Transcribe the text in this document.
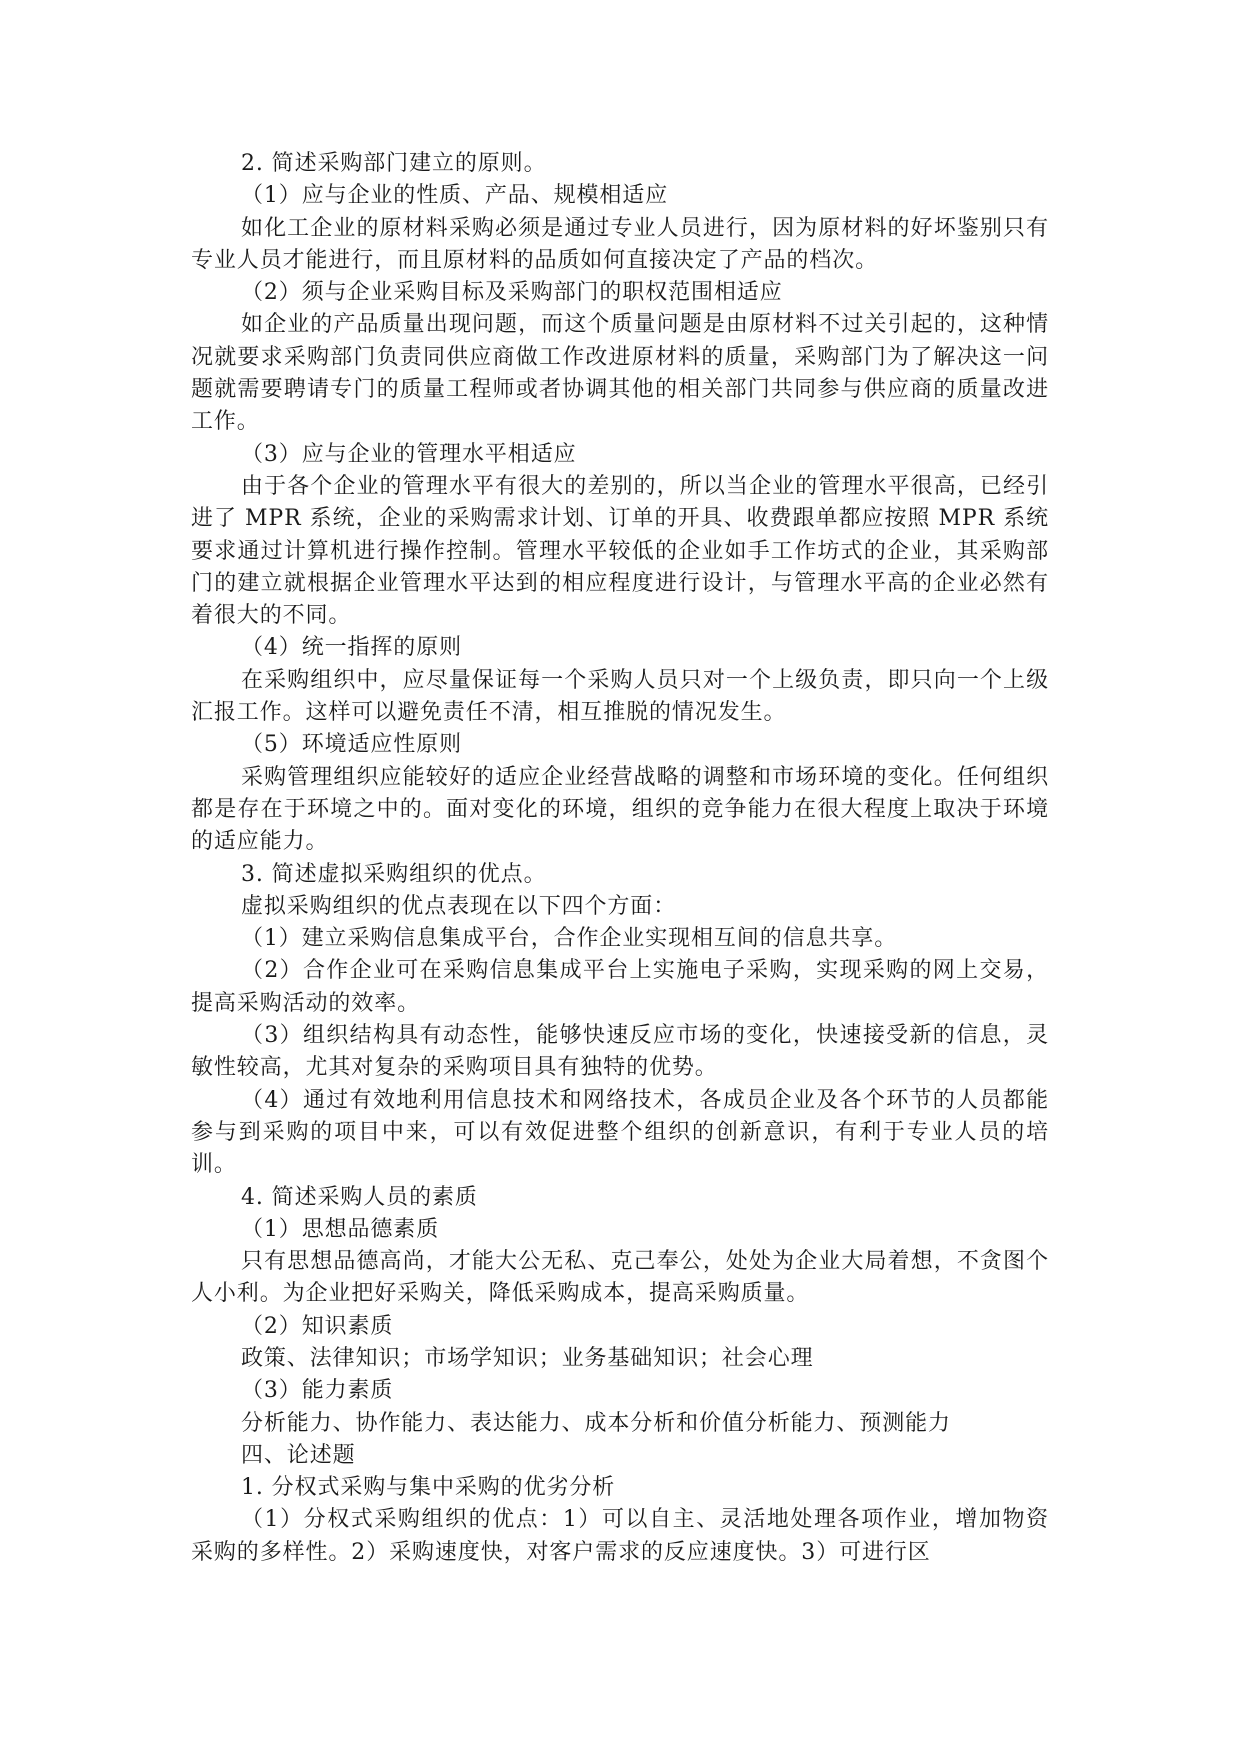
2. 简述采购部门建立的原则。

（1）应与企业的性质、产品、规模相适应

如化工企业的原材料采购必须是通过专业人员进行，因为原材料的好坏鉴别只有专业人员才能进行，而且原材料的品质如何直接决定了产品的档次。

（2）须与企业采购目标及采购部门的职权范围相适应

如企业的产品质量出现问题，而这个质量问题是由原材料不过关引起的，这种情况就要求采购部门负责同供应商做工作改进原材料的质量，采购部门为了解决这一问题就需要聘请专门的质量工程师或者协调其他的相关部门共同参与供应商的质量改进工作。

（3）应与企业的管理水平相适应

由于各个企业的管理水平有很大的差别的，所以当企业的管理水平很高，已经引进了 MPR 系统，企业的采购需求计划、订单的开具、收费跟单都应按照 MPR 系统要求通过计算机进行操作控制。管理水平较低的企业如手工作坊式的企业，其采购部门的建立就根据企业管理水平达到的相应程度进行设计，与管理水平高的企业必然有着很大的不同。

（4）统一指挥的原则

在采购组织中，应尽量保证每一个采购人员只对一个上级负责，即只向一个上级汇报工作。这样可以避免责任不清，相互推脱的情况发生。

（5）环境适应性原则

采购管理组织应能较好的适应企业经营战略的调整和市场环境的变化。任何组织都是存在于环境之中的。面对变化的环境，组织的竞争能力在很大程度上取决于环境的适应能力。

3. 简述虚拟采购组织的优点。

虚拟采购组织的优点表现在以下四个方面：

（1）建立采购信息集成平台，合作企业实现相互间的信息共享。

（2）合作企业可在采购信息集成平台上实施电子采购，实现采购的网上交易，提高采购活动的效率。

（3）组织结构具有动态性，能够快速反应市场的变化，快速接受新的信息，灵敏性较高，尤其对复杂的采购项目具有独特的优势。

（4）通过有效地利用信息技术和网络技术，各成员企业及各个环节的人员都能参与到采购的项目中来，可以有效促进整个组织的创新意识，有利于专业人员的培训。

4. 简述采购人员的素质

（1）思想品德素质

只有思想品德高尚，才能大公无私、克己奉公，处处为企业大局着想，不贪图个人小利。为企业把好采购关，降低采购成本，提高采购质量。

（2）知识素质

政策、法律知识；市场学知识；业务基础知识；社会心理

（3）能力素质

分析能力、协作能力、表达能力、成本分析和价值分析能力、预测能力

四、论述题

1. 分权式采购与集中采购的优劣分析

（1）分权式采购组织的优点：1）可以自主、灵活地处理各项作业，增加物资采购的多样性。2）采购速度快，对客户需求的反应速度快。3）可进行区
